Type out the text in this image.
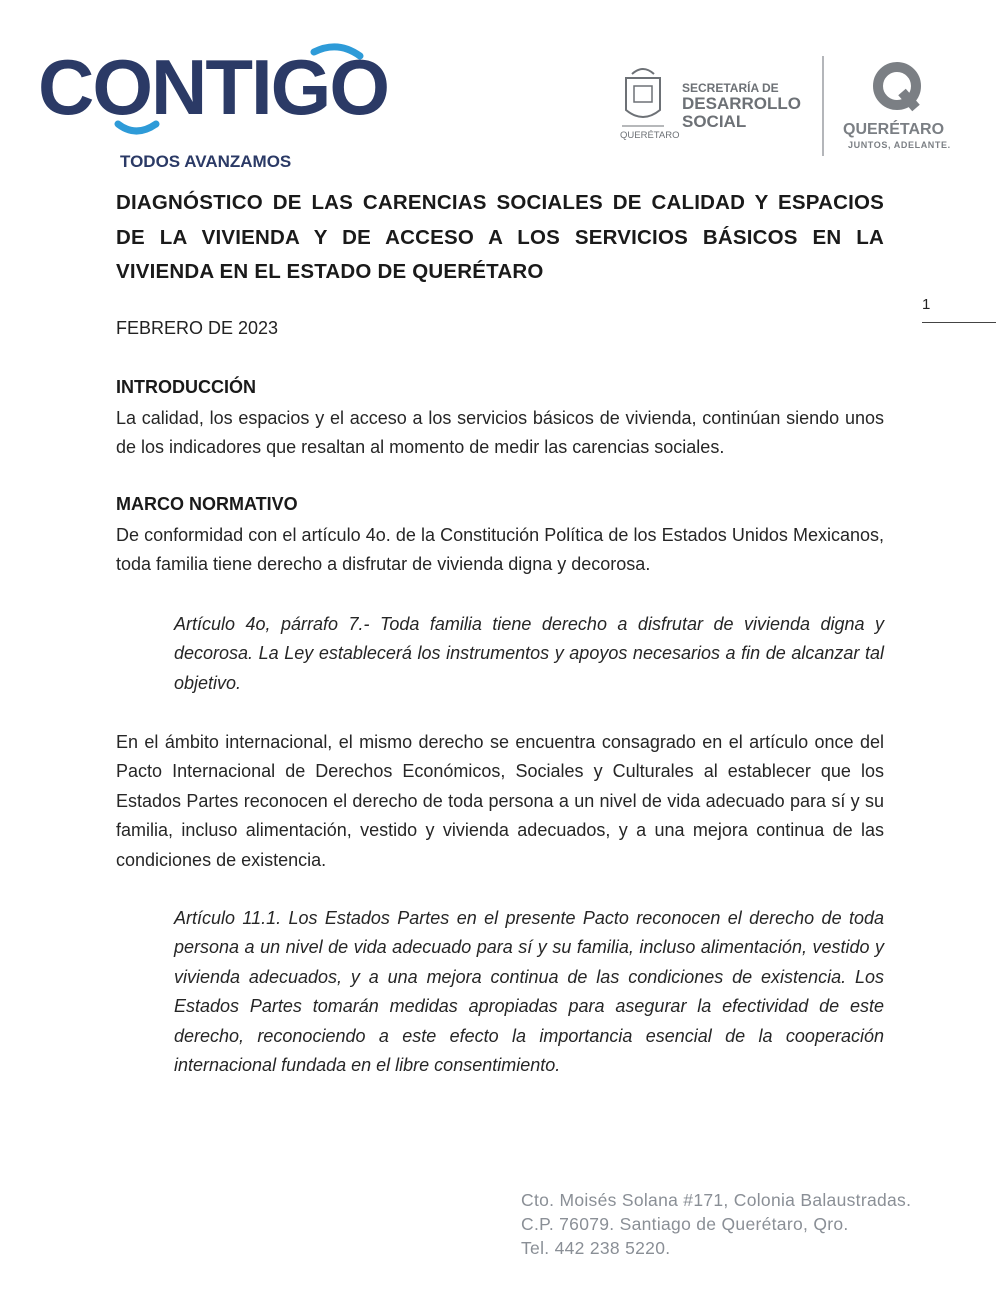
CONTIGO
TODOS AVANZAMOS
QUERÉTARO
SECRETARÍA DE
DESARROLLO
SOCIAL	QUERÉTARO
JUNTOS, ADELANTE.
1
DIAGNÓSTICO DE LAS CARENCIAS SOCIALES DE CALIDAD Y ESPACIOS DE LA VIVIENDA Y DE ACCESO A LOS SERVICIOS BÁSICOS EN LA VIVIENDA EN EL ESTADO DE QUERÉTARO
FEBRERO DE 2023
INTRODUCCIÓN
La calidad, los espacios y el acceso a los servicios básicos de vivienda, continúan siendo unos de los indicadores que resaltan al momento de medir las carencias sociales.
MARCO NORMATIVO
De conformidad con el artículo 4o. de la Constitución Política de los Estados Unidos Mexicanos, toda familia tiene derecho a disfrutar de vivienda digna y decorosa.
Artículo 4o, párrafo 7.- Toda familia tiene derecho a disfrutar de vivienda digna y decorosa. La Ley establecerá los instrumentos y apoyos necesarios a fin de alcanzar tal objetivo.
En el ámbito internacional, el mismo derecho se encuentra consagrado en el artículo once del Pacto Internacional de Derechos Económicos, Sociales y Culturales al establecer que los Estados Partes reconocen el derecho de toda persona a un nivel de vida adecuado para sí y su familia, incluso alimentación, vestido y vivienda adecuados, y a una mejora continua de las condiciones de existencia.
Artículo 11.1. Los Estados Partes en el presente Pacto reconocen el derecho de toda persona a un nivel de vida adecuado para sí y su familia, incluso alimentación, vestido y vivienda adecuados, y a una mejora continua de las condiciones de existencia. Los Estados Partes tomarán medidas apropiadas para asegurar la efectividad de este derecho, reconociendo a este efecto la importancia esencial de la cooperación internacional fundada en el libre consentimiento.
Cto. Moisés Solana #171, Colonia Balaustradas.
C.P. 76079. Santiago de Querétaro, Qro.
Tel. 442 238 5220.
